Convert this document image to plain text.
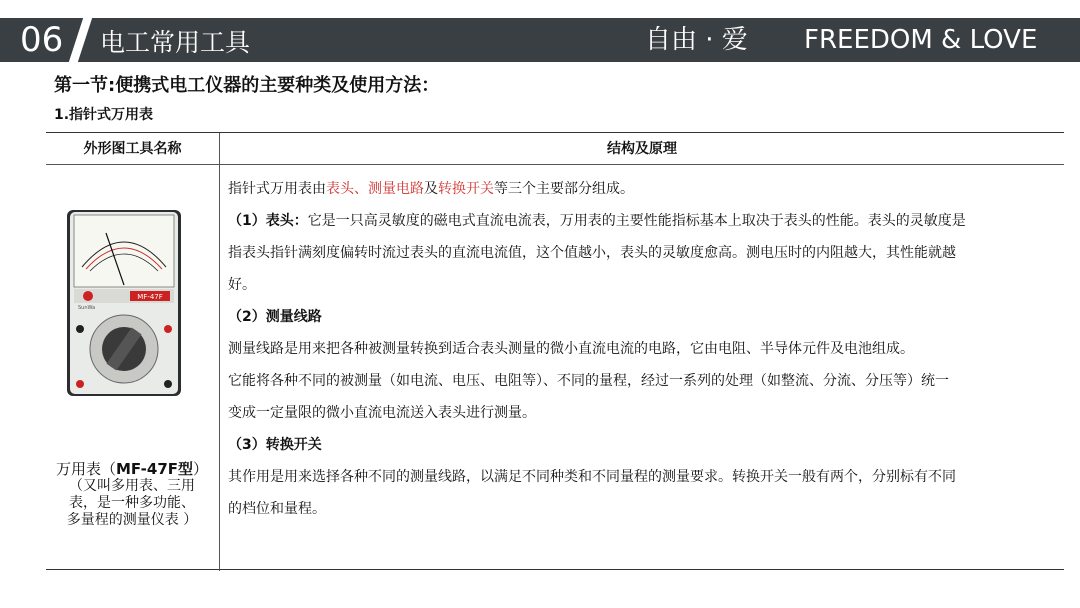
06 电工常用工具	自由 · 爱 FREEDOM & LOVE
第一节:便携式电工仪器的主要种类及使用方法：
1.指针式万用表
外形图工具名称	结构及原理
MF-47F
SunWa
万用表（MF-47F型）
（又叫多用表、三用
表，是一种多功能、
多量程的测量仪表 ）

指针式万用表由表头、测量电路及转换开关等三个主要部分组成。

（1）表头：它是一只高灵敏度的磁电式直流电流表，万用表的主要性能指标基本上取决于表头的性能。表头的灵敏度是

指表头指针满刻度偏转时流过表头的直流电流值，这个值越小，表头的灵敏度愈高。测电压时的内阻越大，其性能就越

好。

（2）测量线路

测量线路是用来把各种被测量转换到适合表头测量的微小直流电流的电路，它由电阻、半导体元件及电池组成。

它能将各种不同的被测量（如电流、电压、电阻等）、不同的量程，经过一系列的处理（如整流、分流、分压等）统一

变成一定量限的微小直流电流送入表头进行测量。

（3）转换开关

其作用是用来选择各种不同的测量线路，以满足不同种类和不同量程的测量要求。转换开关一般有两个，分别标有不同

的档位和量程。
